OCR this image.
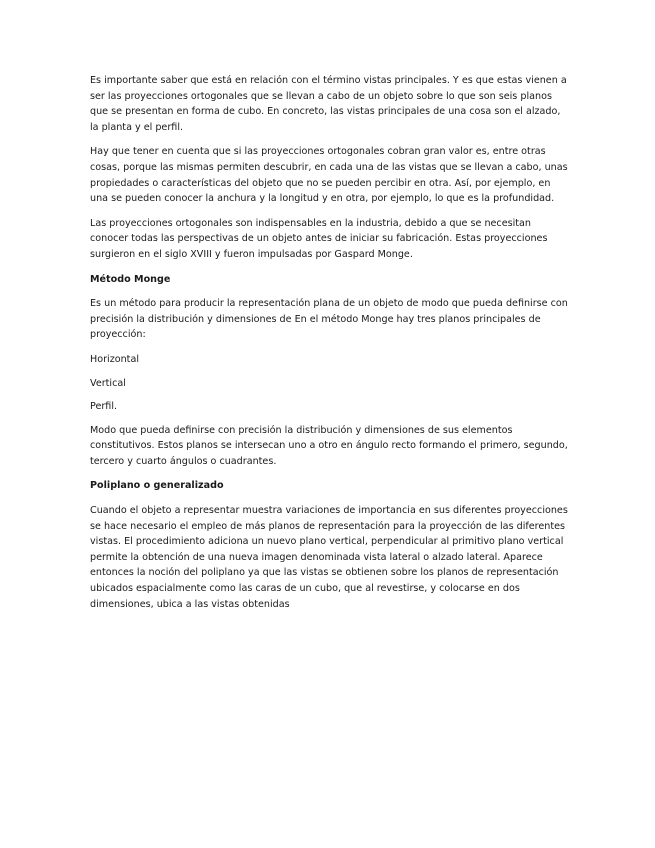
Es importante saber que está en relación con el término vistas principales. Y es que estas vienen a ser las proyecciones ortogonales que se llevan a cabo de un objeto sobre lo que son seis planos que se presentan en forma de cubo. En concreto, las vistas principales de una cosa son el alzado, la planta y el perfil.

Hay que tener en cuenta que si las proyecciones ortogonales cobran gran valor es, entre otras cosas, porque las mismas permiten descubrir, en cada una de las vistas que se llevan a cabo, unas propiedades o características del objeto que no se pueden percibir en otra. Así, por ejemplo, en una se pueden conocer la anchura y la longitud y en otra, por ejemplo, lo que es la profundidad.

Las proyecciones ortogonales son indispensables en la industria, debido a que se necesitan conocer todas las perspectivas de un objeto antes de iniciar su fabricación. Estas proyecciones surgieron en el siglo XVIII y fueron impulsadas por Gaspard Monge.

Método Monge

Es un método para producir la representación plana de un objeto de modo que pueda definirse con precisión la distribución y dimensiones de En el método Monge hay tres planos principales de proyección:

Horizontal

Vertical

Perfil.

Modo que pueda definirse con precisión la distribución y dimensiones de sus elementos constitutivos. Estos planos se intersecan uno a otro en ángulo recto formando el primero, segundo, tercero y cuarto ángulos o cuadrantes.

Poliplano o generalizado

Cuando el objeto a representar muestra variaciones de importancia en sus diferentes proyecciones se hace necesario el empleo de más planos de representación para la proyección de las diferentes vistas. El procedimiento adiciona un nuevo plano vertical, perpendicular al primitivo plano vertical permite la obtención de una nueva imagen denominada vista lateral o alzado lateral. Aparece entonces la noción del poliplano ya que las vistas se obtienen sobre los planos de representación ubicados espacialmente como las caras de un cubo, que al revestirse, y colocarse en dos dimensiones, ubica a las vistas obtenidas
